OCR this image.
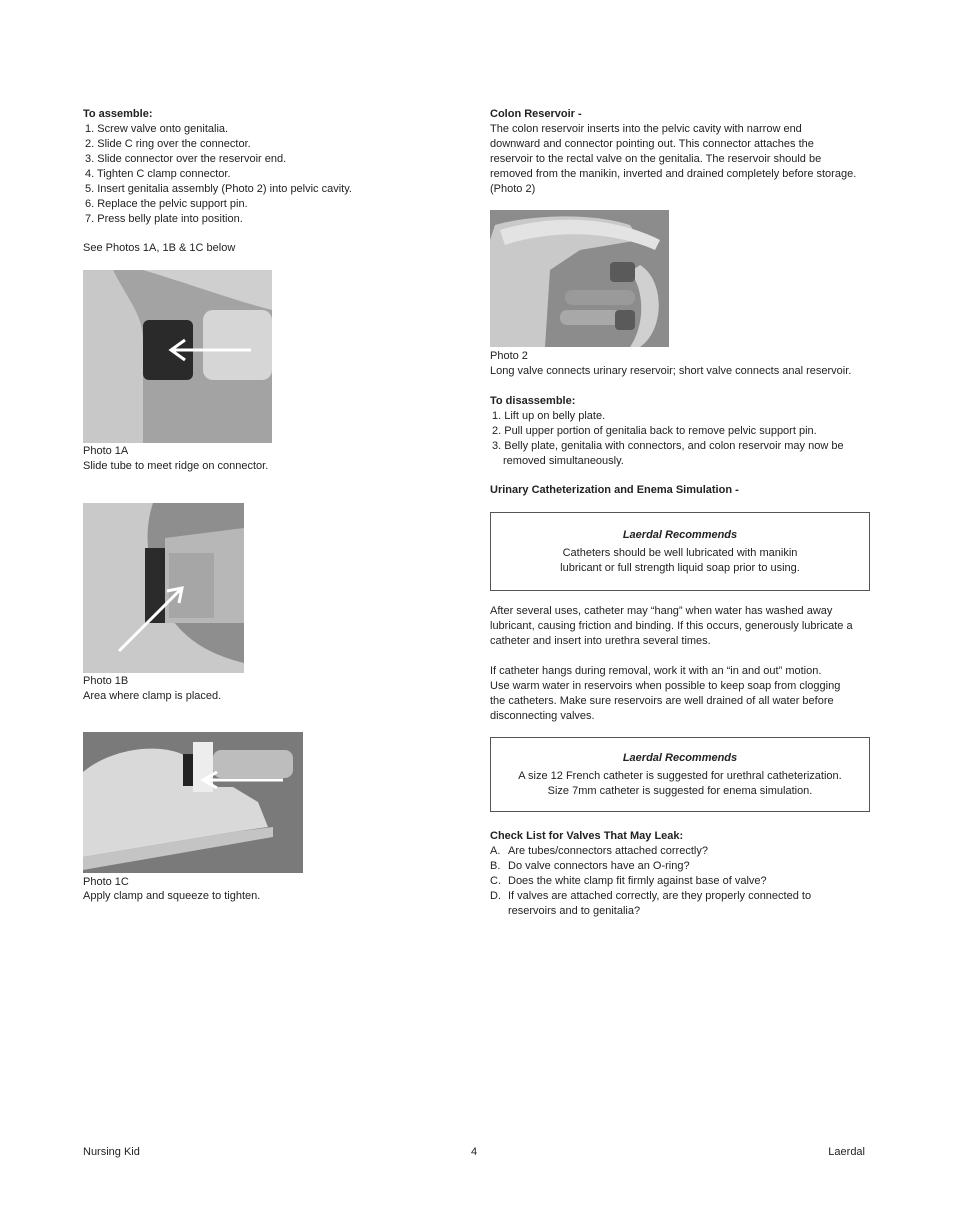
To assemble:
1. Screw valve onto genitalia.
2. Slide C ring over the connector.
3. Slide connector over the reservoir end.
4. Tighten C clamp connector.
5. Insert genitalia assembly (Photo 2) into pelvic cavity.
6. Replace the pelvic support pin.
7. Press belly plate into position.
See Photos 1A, 1B & 1C below
Photo 1A
Slide tube to meet ridge on connector.
Photo 1B
Area where clamp is placed.
Photo 1C
Apply clamp and squeeze to tighten.
Colon Reservoir -
The colon reservoir inserts into the pelvic cavity with narrow end
downward and connector pointing out. This connector attaches the
reservoir to the rectal valve on the genitalia. The reservoir should be
removed from the manikin, inverted and drained completely before storage.
(Photo 2)
Photo 2
Long valve connects urinary reservoir; short valve connects anal reservoir.
To disassemble:
1. Lift up on belly plate.
2. Pull upper portion of genitalia back to remove pelvic support pin.
3. Belly plate, genitalia with connectors, and colon reservoir may now be
removed simultaneously.
Urinary Catheterization and Enema Simulation -
Laerdal Recommends
Catheters should be well lubricated with manikin
lubricant or full strength liquid soap prior to using.
After several uses, catheter may “hang” when water has washed away
lubricant, causing friction and binding. If this occurs, generously lubricate a
catheter and insert into urethra several times.
If catheter hangs during removal, work it with an “in and out” motion.
Use warm water in reservoirs when possible to keep soap from clogging
the catheters. Make sure reservoirs are well drained of all water before
disconnecting valves.
Laerdal Recommends
A size 12 French catheter is suggested for urethral catheterization.
Size 7mm catheter is suggested for enema simulation.
Check List for Valves That May Leak:
A. Are tubes/connectors attached correctly?
B. Do valve connectors have an O-ring?
C. Does the white clamp fit firmly against base of valve?
D. If valves are attached correctly, are they properly connected to
reservoirs and to genitalia?
Nursing Kid	4	Laerdal
